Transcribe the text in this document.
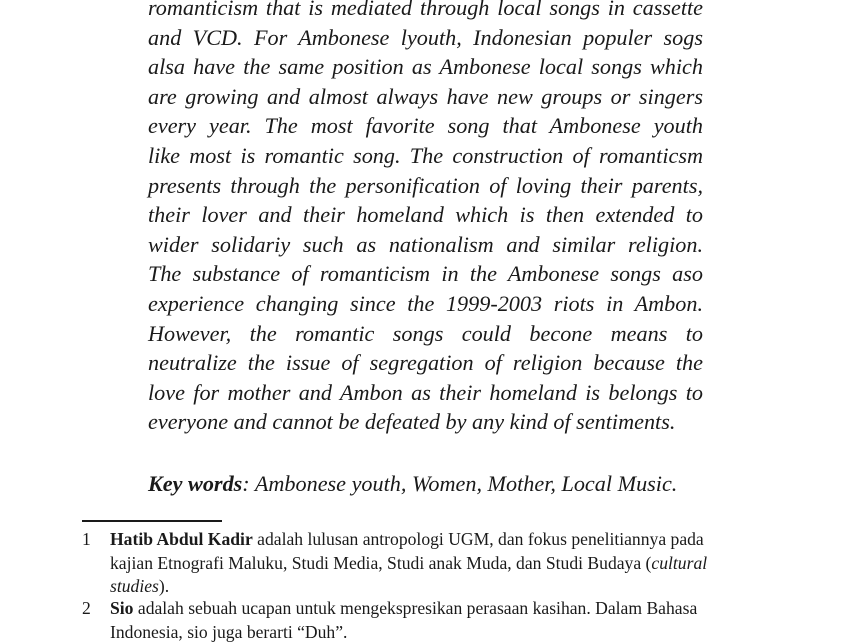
romanticism that is mediated through local songs in cassette
and VCD. For Ambonese lyouth, Indonesian populer sogs
alsa have the same position as Ambonese local songs which
are growing and almost always have new groups or singers
every year. The most favorite song that Ambonese youth
like most is romantic song. The construction of romanticsm
presents through the personification of loving their parents,
their lover and their homeland which is then extended to
wider solidariy such as nationalism and similar religion.
The substance of romanticism in the Ambonese songs aso
experience changing since the 1999-2003 riots in Ambon.
However, the romantic songs could becone means to
neutralize the issue of segregation of religion because the
love for mother and Ambon as their homeland is belongs to
everyone and cannot be defeated by any kind of sentiments.
Key words: Ambonese youth, Women, Mother, Local Music.
1	Hatib Abdul Kadir adalah lulusan antropologi UGM, dan fokus penelitiannya pada
kajian Etnografi Maluku, Studi Media, Studi anak Muda, dan Studi Budaya (cultural
studies).
2	Sio adalah sebuah ucapan untuk mengekspresikan perasaan kasihan. Dalam Bahasa
Indonesia, sio juga berarti “Duh”.
